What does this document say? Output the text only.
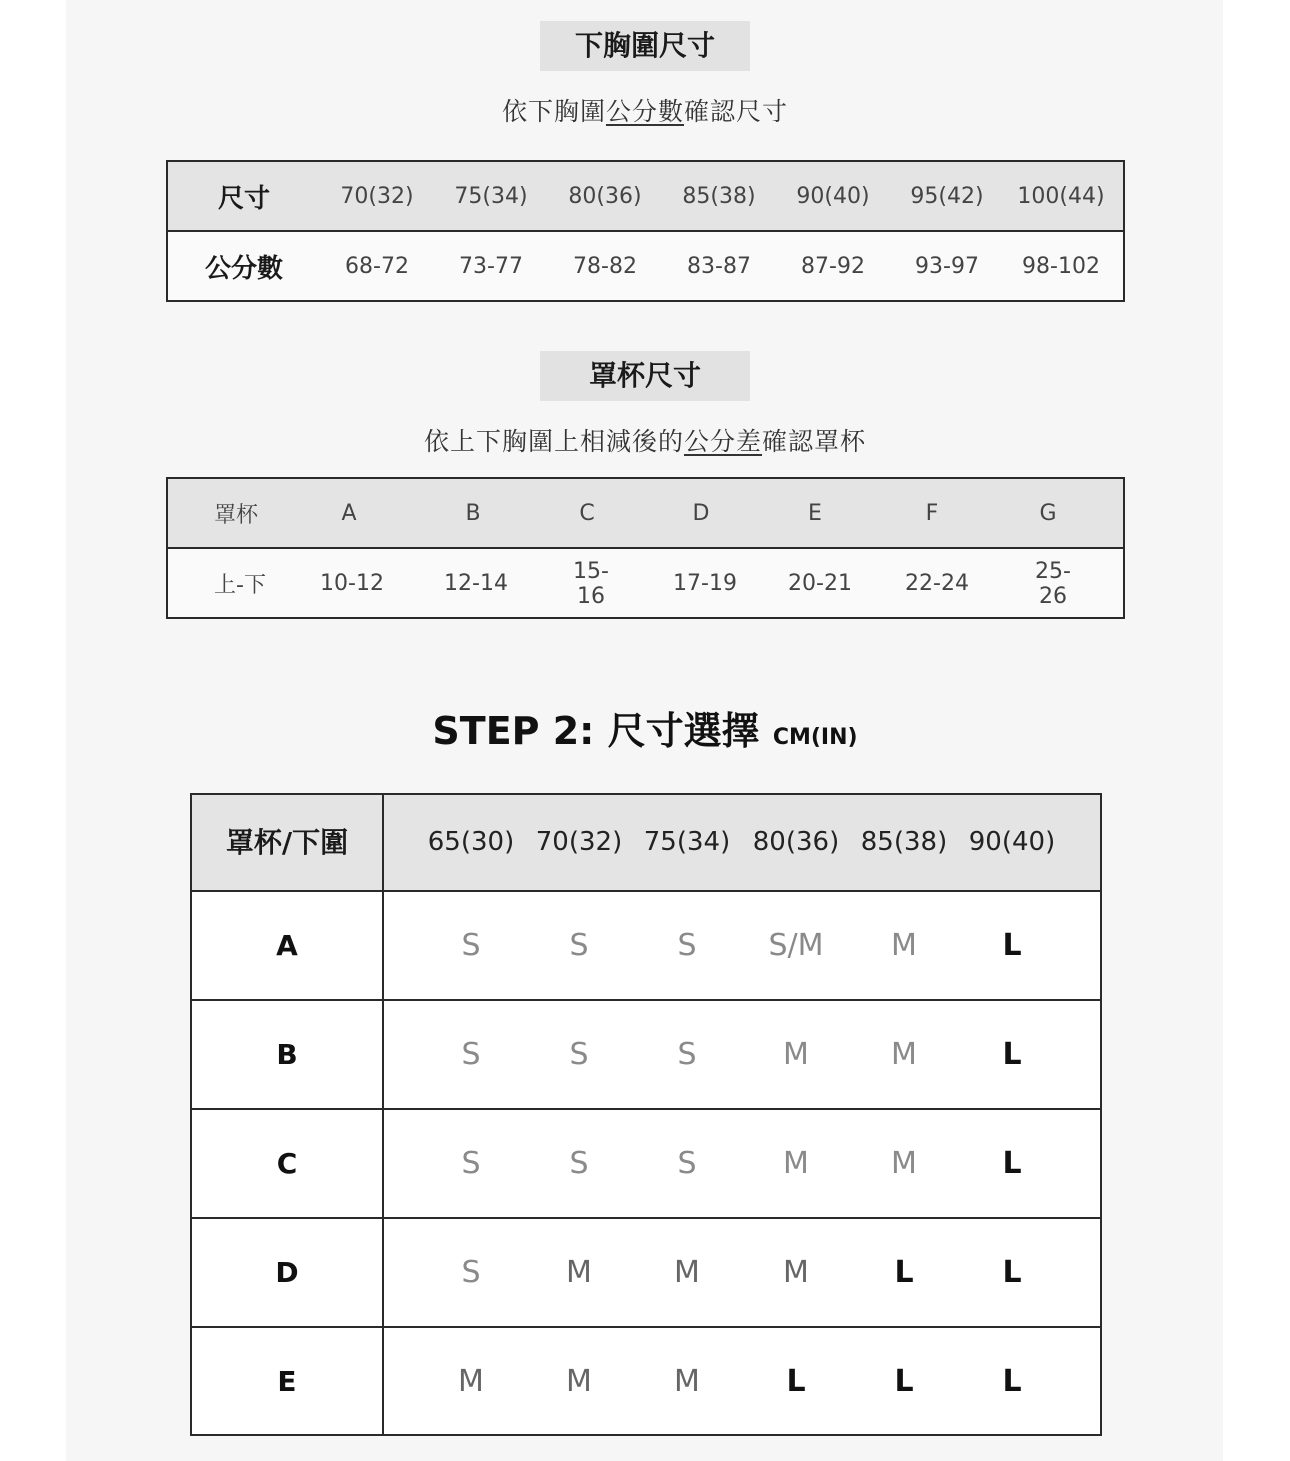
下胸圍尺寸
依下胸圍公分數確認尺寸
尺寸	70(32)	75(34)	80(36)	85(38)	90(40)	95(42)	100(44)
公分數	68-72	73-77	78-82	83-87	87-92	93-97	98-102
罩杯尺寸
依上下胸圍上相減後的公分差確認罩杯
罩杯	A	B	C	D	E	F	G
上-下	10-12	12-14	15-16	17-19	20-21	22-24	25-26
STEP 2: 尺寸選擇 CM(IN)
罩杯/下圍	65(30) 70(32) 75(34) 80(36) 85(38) 90(40)
A	S	S	S	S/M	M	L
B	S	S	S	M	M	L
C	S	S	S	M	M	L
D	S	M	M	M	L	L
E	M	M	M	L	L	L
